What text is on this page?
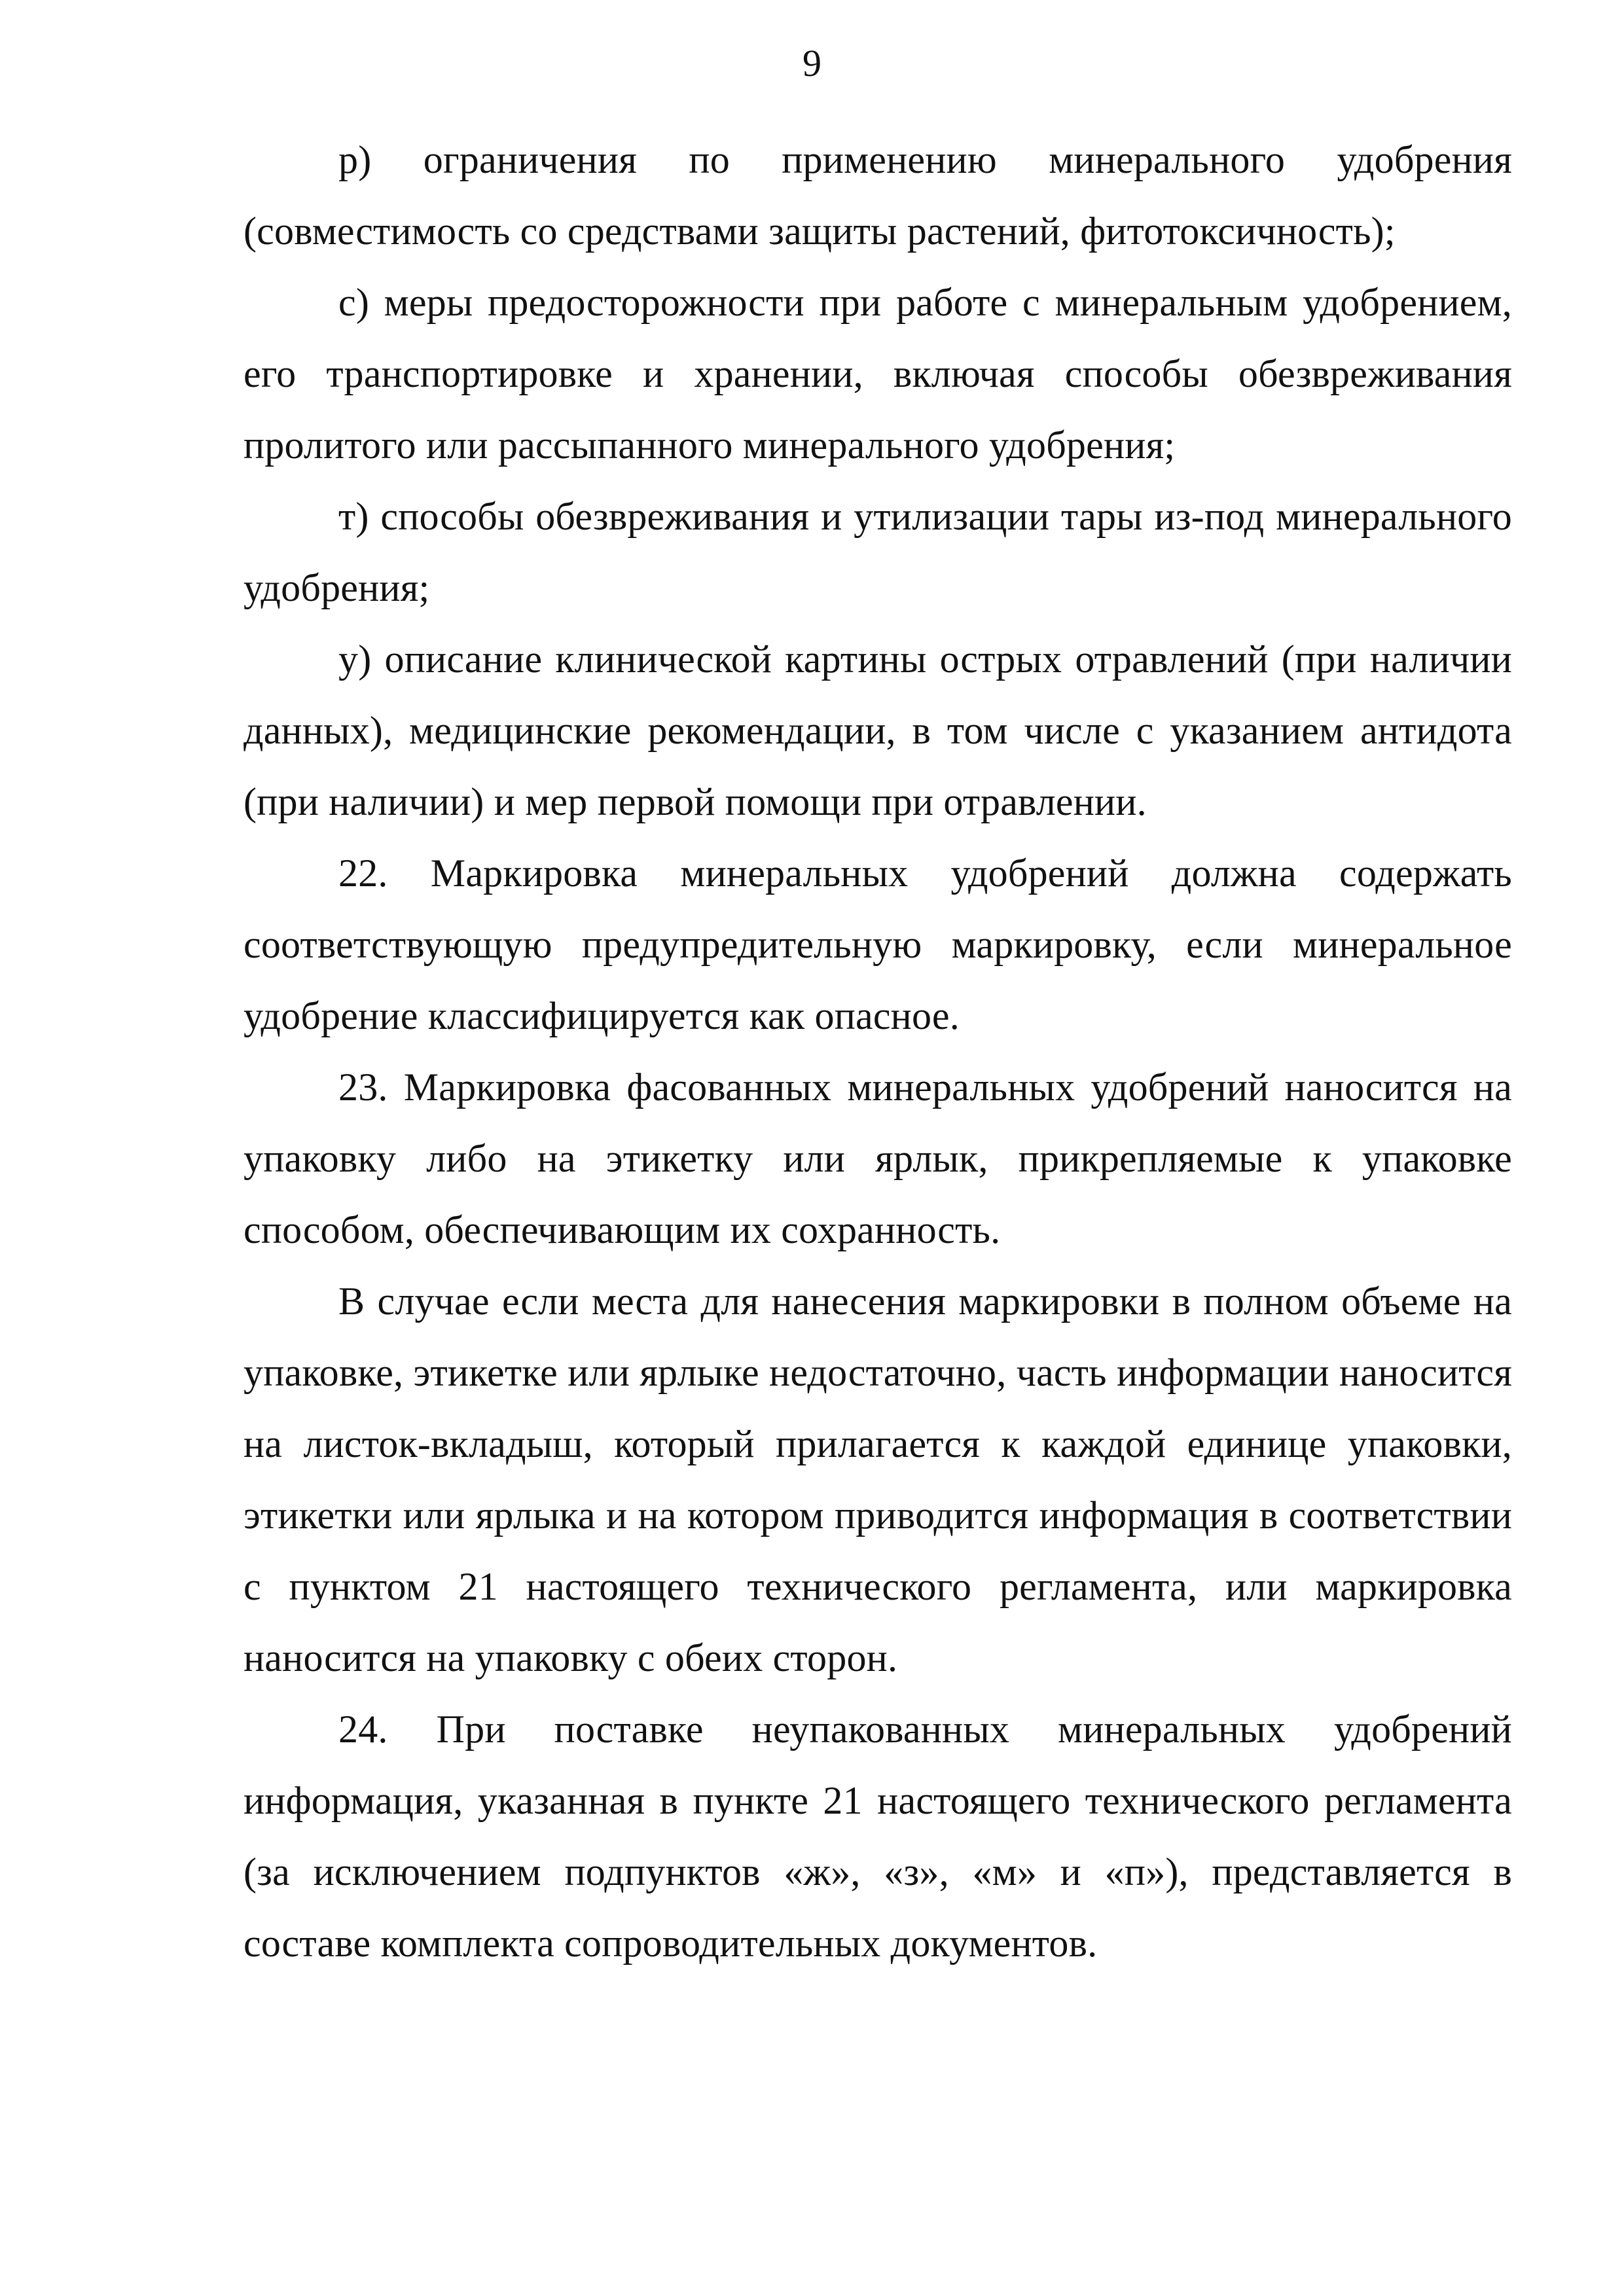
9

р) ограничения по применению минерального удобрения (совместимость со средствами защиты растений, фитотоксичность);

с) меры предосторожности при работе с минеральным удобрением, его транспортировке и хранении, включая способы обезвреживания пролитого или рассыпанного минерального удобрения;

т) способы обезвреживания и утилизации тары из-под минерального удобрения;

у) описание клинической картины острых отравлений (при наличии данных), медицинские рекомендации, в том числе с указанием антидота (при наличии) и мер первой помощи при отравлении.

22. Маркировка минеральных удобрений должна содержать соответствующую предупредительную маркировку, если минеральное удобрение классифицируется как опасное.

23. Маркировка фасованных минеральных удобрений наносится на упаковку либо на этикетку или ярлык, прикрепляемые к упаковке способом, обеспечивающим их сохранность.

В случае если места для нанесения маркировки в полном объеме на упаковке, этикетке или ярлыке недостаточно, часть информации наносится на листок-вкладыш, который прилагается к каждой единице упаковки, этикетки или ярлыка и на котором приводится информация в соответствии с пунктом 21 настоящего технического регламента, или маркировка наносится на упаковку с обеих сторон.

24. При поставке неупакованных минеральных удобрений информация, указанная в пункте 21 настоящего технического регламента (за исключением подпунктов «ж», «з», «м» и «п»), представляется в составе комплекта сопроводительных документов.
